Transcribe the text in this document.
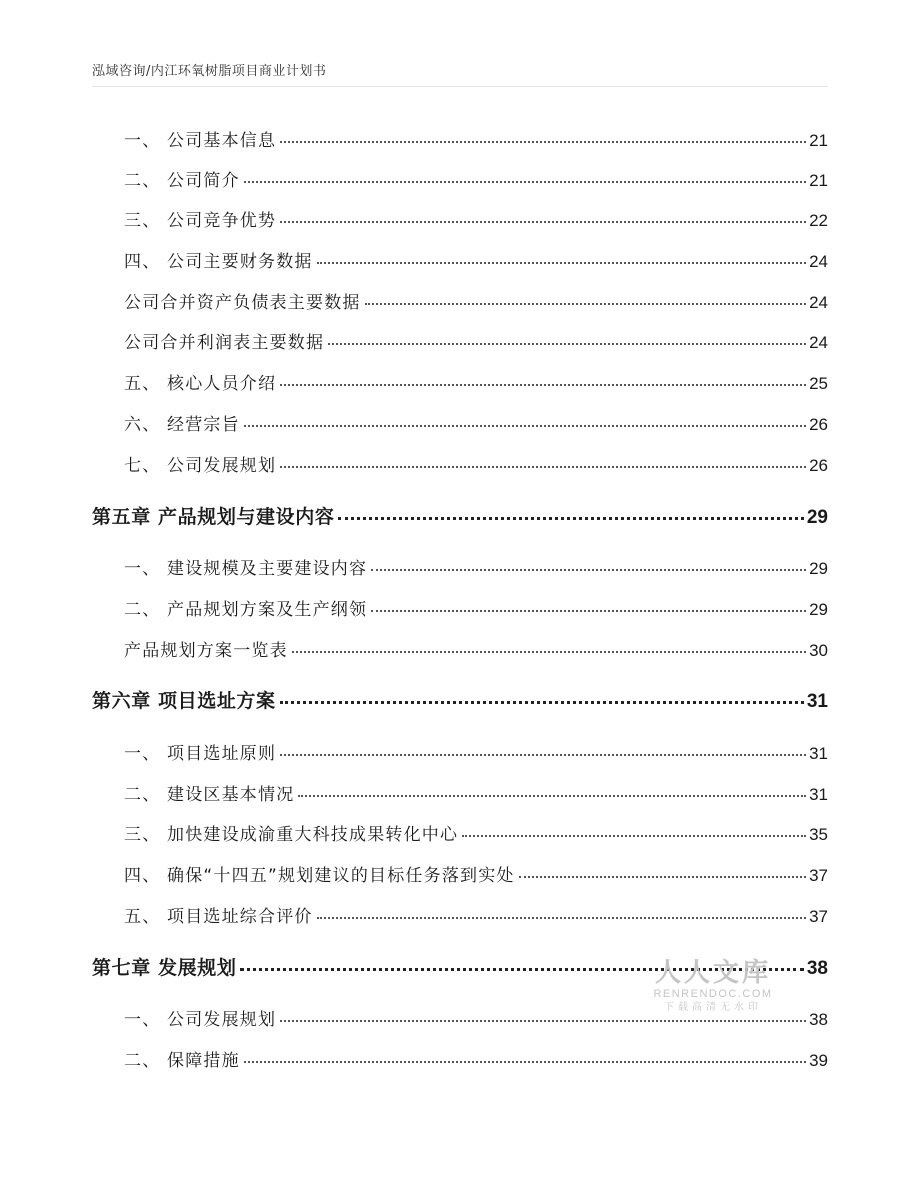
泓域咨询/内江环氧树脂项目商业计划书
一、 公司基本信息	21
二、 公司简介	21
三、 公司竞争优势	22
四、 公司主要财务数据	24
公司合并资产负债表主要数据	24
公司合并利润表主要数据	24
五、 核心人员介绍	25
六、 经营宗旨	26
七、 公司发展规划	26
第五章 产品规划与建设内容	29
一、 建设规模及主要建设内容	29
二、 产品规划方案及生产纲领	29
产品规划方案一览表	30
第六章 项目选址方案	31
一、 项目选址原则	31
二、 建设区基本情况	31
三、 加快建设成渝重大科技成果转化中心	35
四、 确保“十四五”规划建议的目标任务落到实处	37
五、 项目选址综合评价	37
第七章 发展规划	38
一、 公司发展规划	38
二、 保障措施	39
人人文库
RENRENDOC.COM
下载高清无水印
